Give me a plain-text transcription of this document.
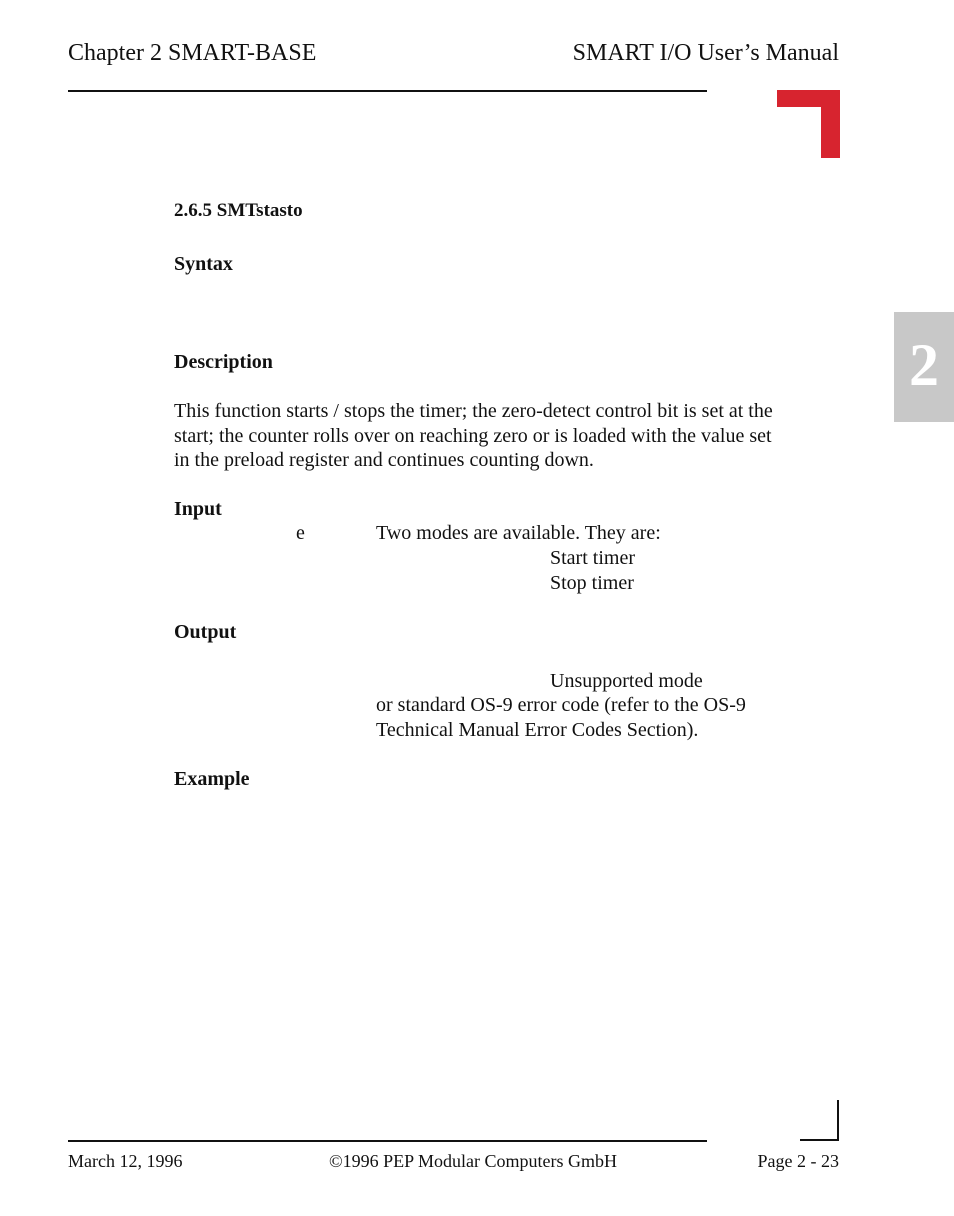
Chapter 2 SMART-BASE	SMART I/O User’s Manual
2
2.6.5 SMTstasto
Syntax
Description
This function starts / stops the timer; the zero-detect control bit is set at the
start; the counter rolls over on reaching zero or is loaded with the value set
in the preload register and continues counting down.
Input
e	Two modes are available. They are:
Start timer
Stop timer
Output
Unsupported mode
or standard OS-9 error code (refer to the OS-9
Technical Manual Error Codes Section).
Example
March 12, 1996	©1996 PEP Modular Computers GmbH	Page 2 - 23
